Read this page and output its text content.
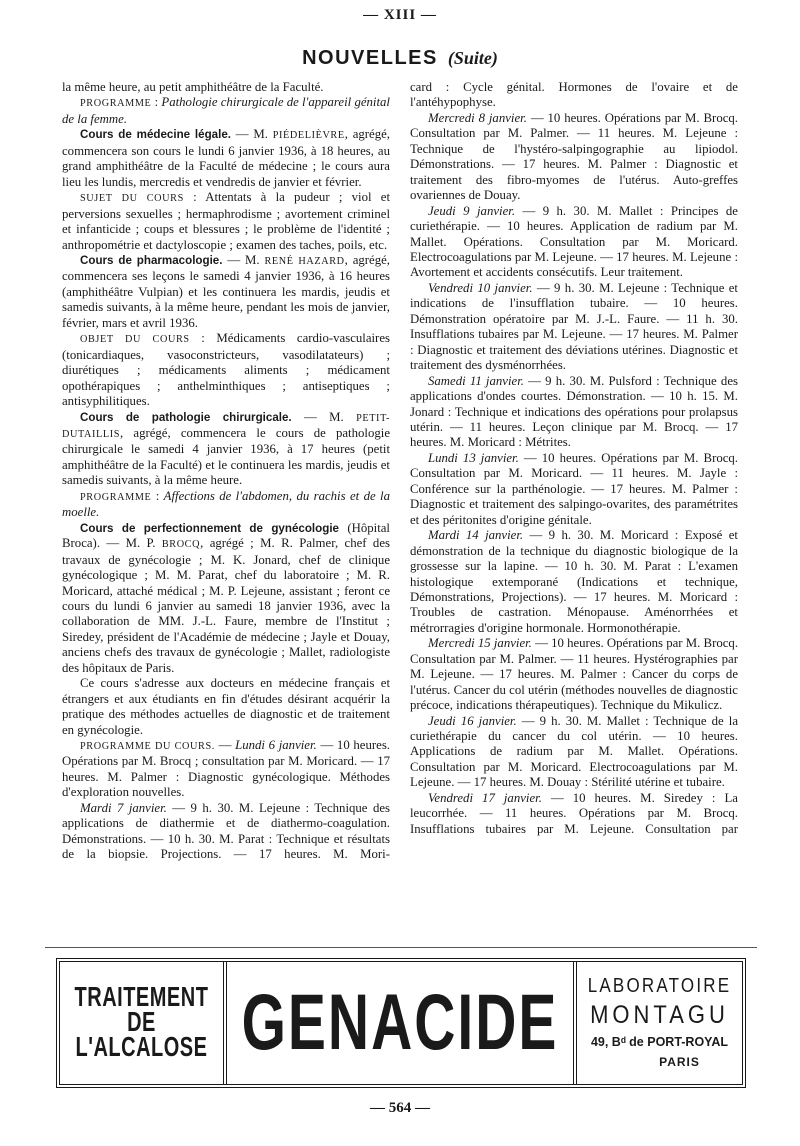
— XIII —
NOUVELLES (Suite)

la même heure, au petit amphithéâtre de la Faculté.

PROGRAMME : Pathologie chirurgicale de l'appareil génital de la femme.

Cours de médecine légale. — M. PIÉDELIÈVRE, agrégé, commencera son cours le lundi 6 janvier 1936, à 18 heures, au grand amphithéâtre de la Faculté de médecine ; le cours aura lieu les lundis, mercredis et vendredis de janvier et février.

SUJET DU COURS : Attentats à la pudeur ; viol et perversions sexuelles ; hermaphrodisme ; avortement criminel et infanticide ; coups et blessures ; le problème de l'identité ; anthropométrie et dactyloscopie ; examen des taches, poils, etc.

Cours de pharmacologie. — M. RENÉ HAZARD, agrégé, commencera ses leçons le samedi 4 janvier 1936, à 16 heures (amphithéâtre Vulpian) et les continuera les mardis, jeudis et samedis suivants, à la même heure, pendant les mois de janvier, février, mars et avril 1936.

OBJET DU COURS : Médicaments cardio-vasculaires (tonicardiaques, vasoconstricteurs, vasodilatateurs) ; diurétiques ; médicaments aliments ; médicament opothérapiques ; anthelminthiques ; antiseptiques ; antisyphilitiques.

Cours de pathologie chirurgicale. — M. PETIT-DUTAILLIS, agrégé, commencera le cours de pathologie chirurgicale le samedi 4 janvier 1936, à 17 heures (petit amphithéâtre de la Faculté) et le continuera les mardis, jeudis et samedis suivants, à la même heure.

PROGRAMME : Affections de l'abdomen, du rachis et de la moelle.

Cours de perfectionnement de gynécologie (Hôpital Broca). — M. P. BROCQ, agrégé ; M. R. Palmer, chef des travaux de gynécologie ; M. K. Jonard, chef de clinique gynécologique ; M. M. Parat, chef du laboratoire ; M. R. Moricard, attaché médical ; M. P. Lejeune, assistant ; feront ce cours du lundi 6 janvier au samedi 18 janvier 1936, avec la collaboration de MM. J.-L. Faure, membre de l'Institut ; Siredey, président de l'Académie de médecine ; Jayle et Douay, anciens chefs des travaux de gynécologie ; Mallet, radiologiste des hôpitaux de Paris.

Ce cours s'adresse aux docteurs en médecine français et étrangers et aux étudiants en fin d'études désirant acquérir la pratique des méthodes actuelles de diagnostic et de traitement en gynécologie.

PROGRAMME DU COURS. — Lundi 6 janvier. — 10 heures. Opérations par M. Brocq ; consultation par M. Moricard. — 17 heures. M. Palmer : Diagnostic gynécologique. Méthodes d'exploration nouvelles.

Mardi 7 janvier. — 9 h. 30. M. Lejeune : Technique des applications de diathermie et de diathermo-coagulation. Démonstrations. — 10 h. 30. M. Parat : Technique et résultats de la biopsie. Projections. — 17 heures. M. Mori-

card : Cycle génital. Hormones de l'ovaire et de l'antéhypophyse.

Mercredi 8 janvier. — 10 heures. Opérations par M. Brocq. Consultation par M. Palmer. — 11 heures. M. Lejeune : Technique de l'hystéro-salpingographie au lipiodol. Démonstrations. — 17 heures. M. Palmer : Diagnostic et traitement des fibro-myomes de l'utérus. Auto-greffes ovariennes de Douay.

Jeudi 9 janvier. — 9 h. 30. M. Mallet : Principes de curiethérapie. — 10 heures. Application de radium par M. Mallet. Opérations. Consultation par M. Moricard. Electrocoagulations par M. Lejeune. — 17 heures. M. Lejeune : Avortement et accidents consécutifs. Leur traitement.

Vendredi 10 janvier. — 9 h. 30. M. Lejeune : Technique et indications de l'insufflation tubaire. — 10 heures. Démonstration opératoire par M. J.-L. Faure. — 11 h. 30. Insufflations tubaires par M. Lejeune. — 17 heures. M. Palmer : Diagnostic et traitement des déviations utérines. Diagnostic et traitement des dysménorrhées.

Samedi 11 janvier. — 9 h. 30. M. Pulsford : Technique des applications d'ondes courtes. Démonstration. — 10 h. 15. M. Jonard : Technique et indications des opérations pour prolapsus utérin. — 11 heures. Leçon clinique par M. Brocq. — 17 heures. M. Moricard : Métrites.

Lundi 13 janvier. — 10 heures. Opérations par M. Brocq. Consultation par M. Moricard. — 11 heures. M. Jayle : Conférence sur la parthénologie. — 17 heures. M. Palmer : Diagnostic et traitement des salpingo-ovarites, des paramétrites et des péritonites d'origine génitale.

Mardi 14 janvier. — 9 h. 30. M. Moricard : Exposé et démonstration de la technique du diagnostic biologique de la grossesse sur la lapine. — 10 h. 30. M. Parat : L'examen histologique extemporané (Indications et technique, Démonstrations, Projections). — 17 heures. M. Moricard : Troubles de castration. Ménopause. Aménorrhées et métrorragies d'origine hormonale. Hormonothérapie.

Mercredi 15 janvier. — 10 heures. Opérations par M. Brocq. Consultation par M. Palmer. — 11 heures. Hystérographies par M. Lejeune. — 17 heures. M. Palmer : Cancer du corps de l'utérus. Cancer du col utérin (méthodes nouvelles de diagnostic précoce, indications thérapeutiques). Technique du Mikulicz.

Jeudi 16 janvier. — 9 h. 30. M. Mallet : Technique de la curiethérapie du cancer du col utérin. — 10 heures. Applications de radium par M. Mallet. Opérations. Consultation par M. Moricard. Electrocoagulations par M. Lejeune. — 17 heures. M. Douay : Stérilité utérine et tubaire.

Vendredi 17 janvier. — 10 heures. M. Siredey : La leucorrhée. — 11 heures. Opérations par M. Brocq. Insufflations tubaires par M. Lejeune. Consultation par

TRAITEMENT
DE
L'ALCALOSE GENACIDE LABORATOIRE
MONTAGU
49, Bᵈ de PORT-ROYAL
PARIS
— 564 —
